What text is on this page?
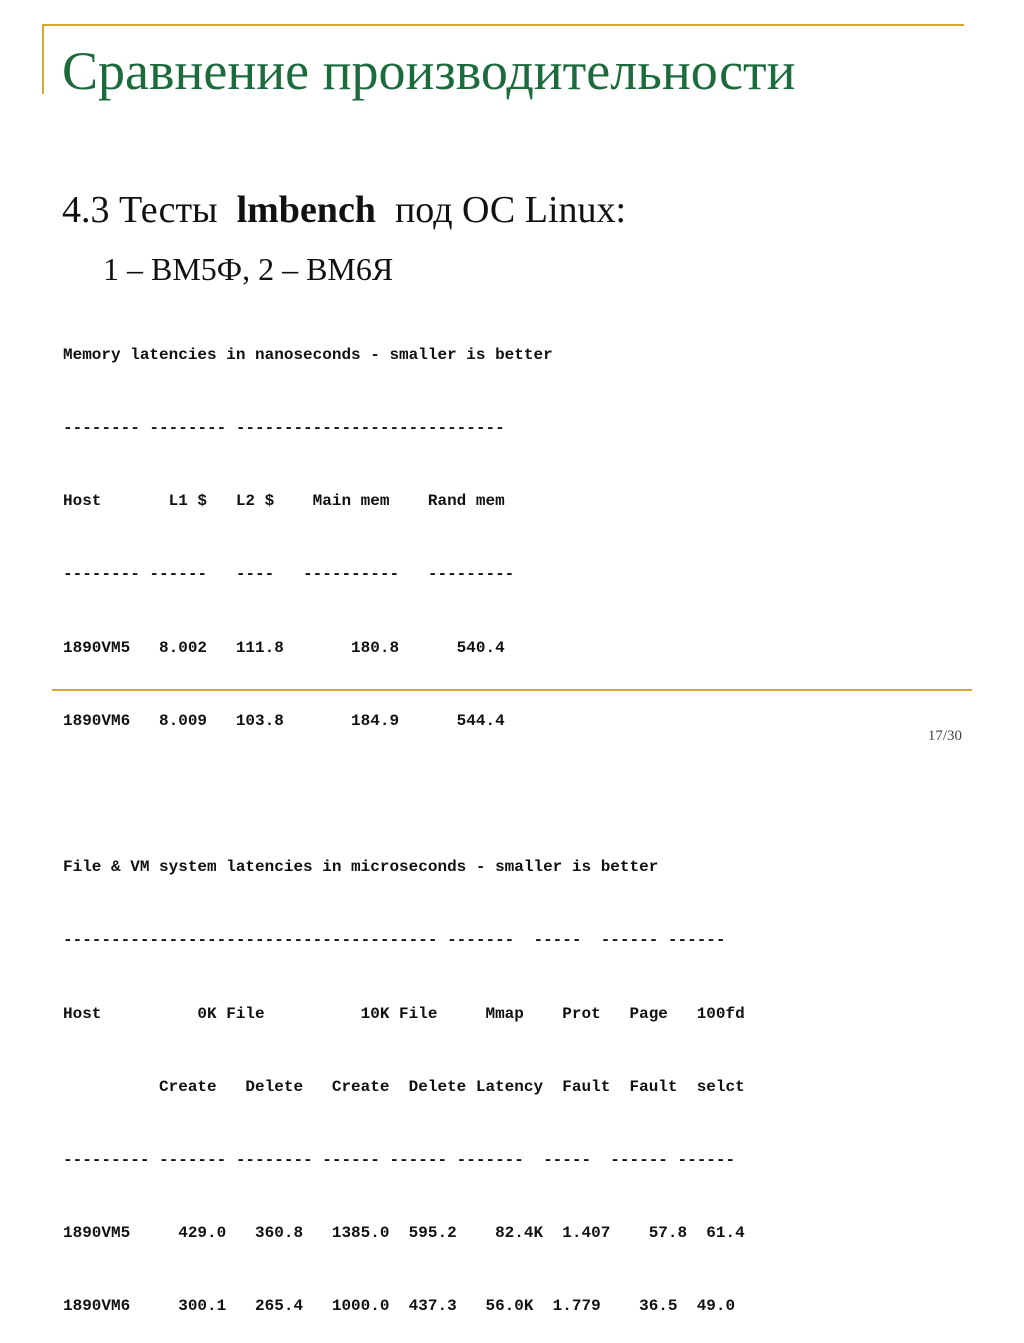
Сравнение производительности
4.3 Тесты lmbench под ОС Linux:
1 – ВМ5Ф, 2 – ВМ6Я

Memory latencies in nanoseconds - smaller is better

-------- -------- ----------------------------

Host       L1 $   L2 $    Main mem    Rand mem

-------- ------   ----   ----------   ---------

1890VM5   8.002   111.8       180.8      540.4

1890VM6   8.009   103.8       184.9      544.4

File & VM system latencies in microseconds - smaller is better

--------------------------------------- -------  -----  ------ ------

Host          0K File          10K File     Mmap    Prot   Page   100fd

Create   Delete   Create  Delete Latency  Fault  Fault  selct

--------- ------- -------- ------ ------ -------  -----  ------ ------

1890VM5     429.0   360.8   1385.0  595.2    82.4K  1.407    57.8  61.4

1890VM6     300.1   265.4   1000.0  437.3   56.0K  1.779    36.5  49.0

17/30
